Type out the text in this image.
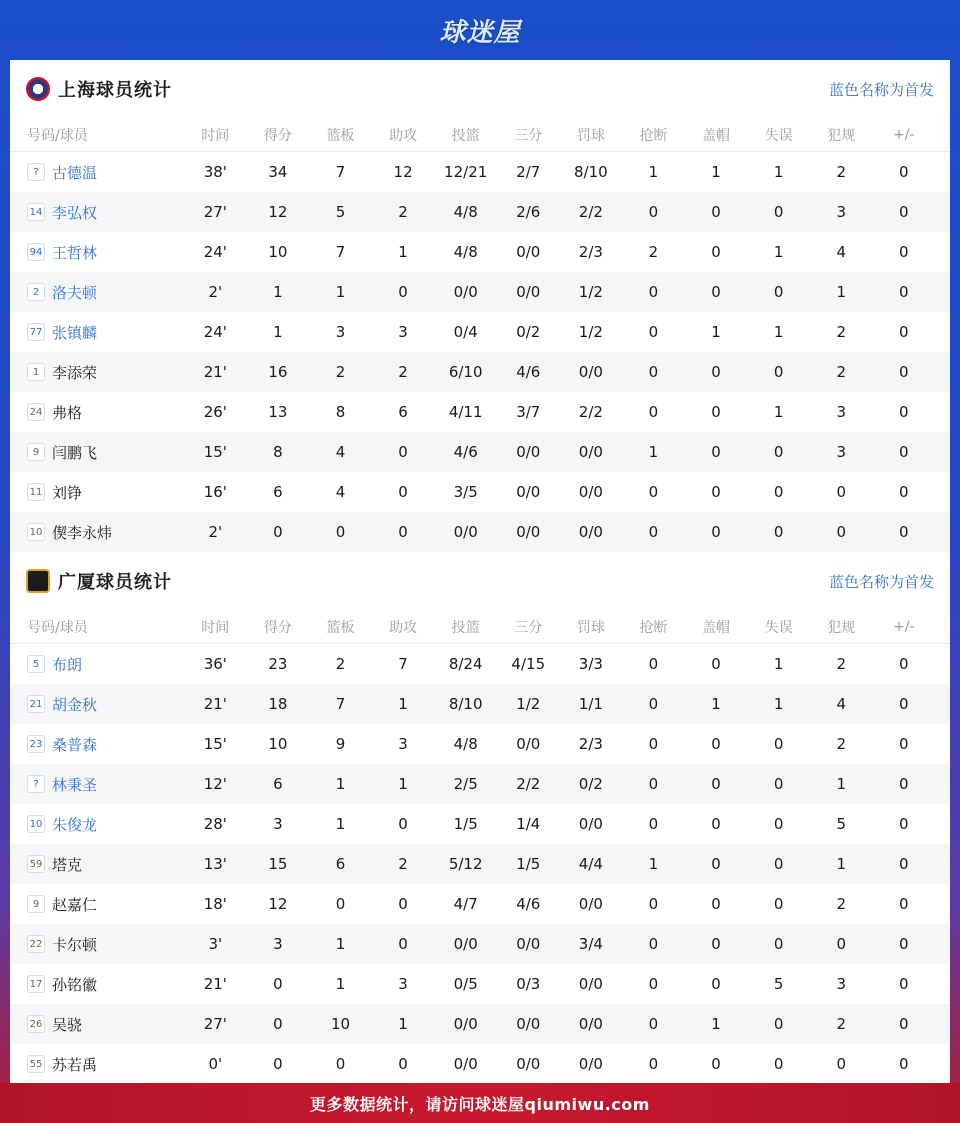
球迷屋
上海球员统计	蓝色名称为首发
号码/球员	时间	得分	篮板	助攻	投篮	三分	罚球	抢断	盖帽	失误	犯规	+/-
? 古德温	38'	34	7	12	12/21	2/7	8/10	1	1	1	2	0
14 李弘权	27'	12	5	2	4/8	2/6	2/2	0	0	0	3	0
94 王哲林	24'	10	7	1	4/8	0/0	2/3	2	0	1	4	0
2 洛夫顿	2'	1	1	0	0/0	0/0	1/2	0	0	0	1	0
77 张镇麟	24'	1	3	3	0/4	0/2	1/2	0	1	1	2	0
1 李添荣	21'	16	2	2	6/10	4/6	0/0	0	0	0	2	0
24 弗格	26'	13	8	6	4/11	3/7	2/2	0	0	1	3	0
9 闫鹏飞	15'	8	4	0	4/6	0/0	0/0	1	0	0	3	0
11 刘铮	16'	6	4	0	3/5	0/0	0/0	0	0	0	0	0
10 偰李永炜	2'	0	0	0	0/0	0/0	0/0	0	0	0	0	0
广厦球员统计	蓝色名称为首发
号码/球员	时间	得分	篮板	助攻	投篮	三分	罚球	抢断	盖帽	失误	犯规	+/-
5 布朗	36'	23	2	7	8/24	4/15	3/3	0	0	1	2	0
21 胡金秋	21'	18	7	1	8/10	1/2	1/1	0	1	1	4	0
23 桑普森	15'	10	9	3	4/8	0/0	2/3	0	0	0	2	0
? 林秉圣	12'	6	1	1	2/5	2/2	0/2	0	0	0	1	0
10 朱俊龙	28'	3	1	0	1/5	1/4	0/0	0	0	0	5	0
59 塔克	13'	15	6	2	5/12	1/5	4/4	1	0	0	1	0
9 赵嘉仁	18'	12	0	0	4/7	4/6	0/0	0	0	0	2	0
22 卡尔顿	3'	3	1	0	0/0	0/0	3/4	0	0	0	0	0
17 孙铭徽	21'	0	1	3	0/5	0/3	0/0	0	0	5	3	0
26 吴骁	27'	0	10	1	0/0	0/0	0/0	0	1	0	2	0
55 苏若禹	0'	0	0	0	0/0	0/0	0/0	0	0	0	0	0
更多数据统计，请访问球迷屋qiumiwu.com
